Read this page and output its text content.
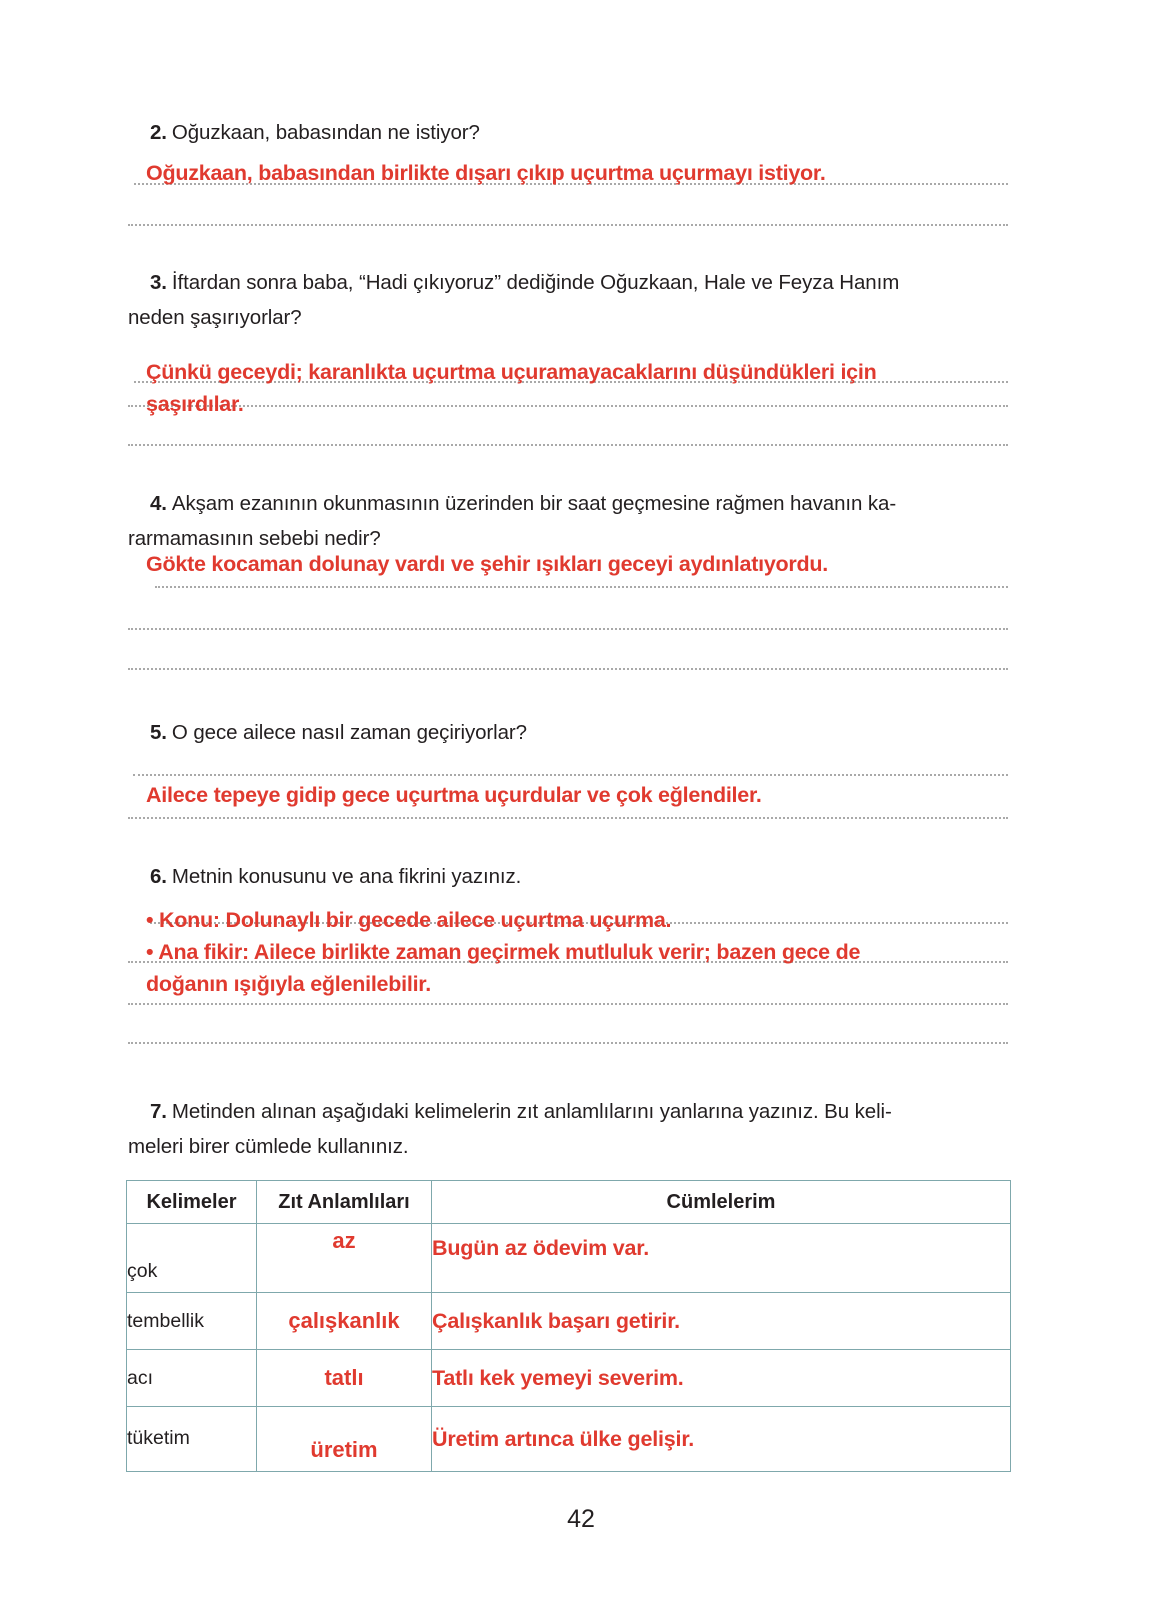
2. Oğuzkaan, babasından ne istiyor?
Oğuzkaan, babasından birlikte dışarı çıkıp uçurtma uçurmayı istiyor.
3. İftardan sonra baba, “Hadi çıkıyoruz” dediğinde Oğuzkaan, Hale ve Feyza Hanım
neden şaşırıyorlar?
Çünkü geceydi; karanlıkta uçurtma uçuramayacaklarını düşündükleri için
şaşırdılar.
4. Akşam ezanının okunmasının üzerinden bir saat geçmesine rağmen havanın ka-
rarmamasının sebebi nedir?
Gökte kocaman dolunay vardı ve şehir ışıkları geceyi aydınlatıyordu.
5. O gece ailece nasıl zaman geçiriyorlar?
Ailece tepeye gidip gece uçurtma uçurdular ve çok eğlendiler.
6. Metnin konusunu ve ana fikrini yazınız.
• Konu: Dolunaylı bir gecede ailece uçurtma uçurma.
• Ana fikir: Ailece birlikte zaman geçirmek mutluluk verir; bazen gece de
doğanın ışığıyla eğlenilebilir.
7. Metinden alınan aşağıdaki kelimelerin zıt anlamlılarını yanlarına yazınız. Bu keli-
meleri birer cümlede kullanınız.
Kelimeler	Zıt Anlamlıları	Cümlelerim
çok	az	Bugün az ödevim var.
tembellik	çalışkanlık	Çalışkanlık başarı getirir.
acı	tatlı	Tatlı kek yemeyi severim.
tüketim	üretim	Üretim artınca ülke gelişir.
42
